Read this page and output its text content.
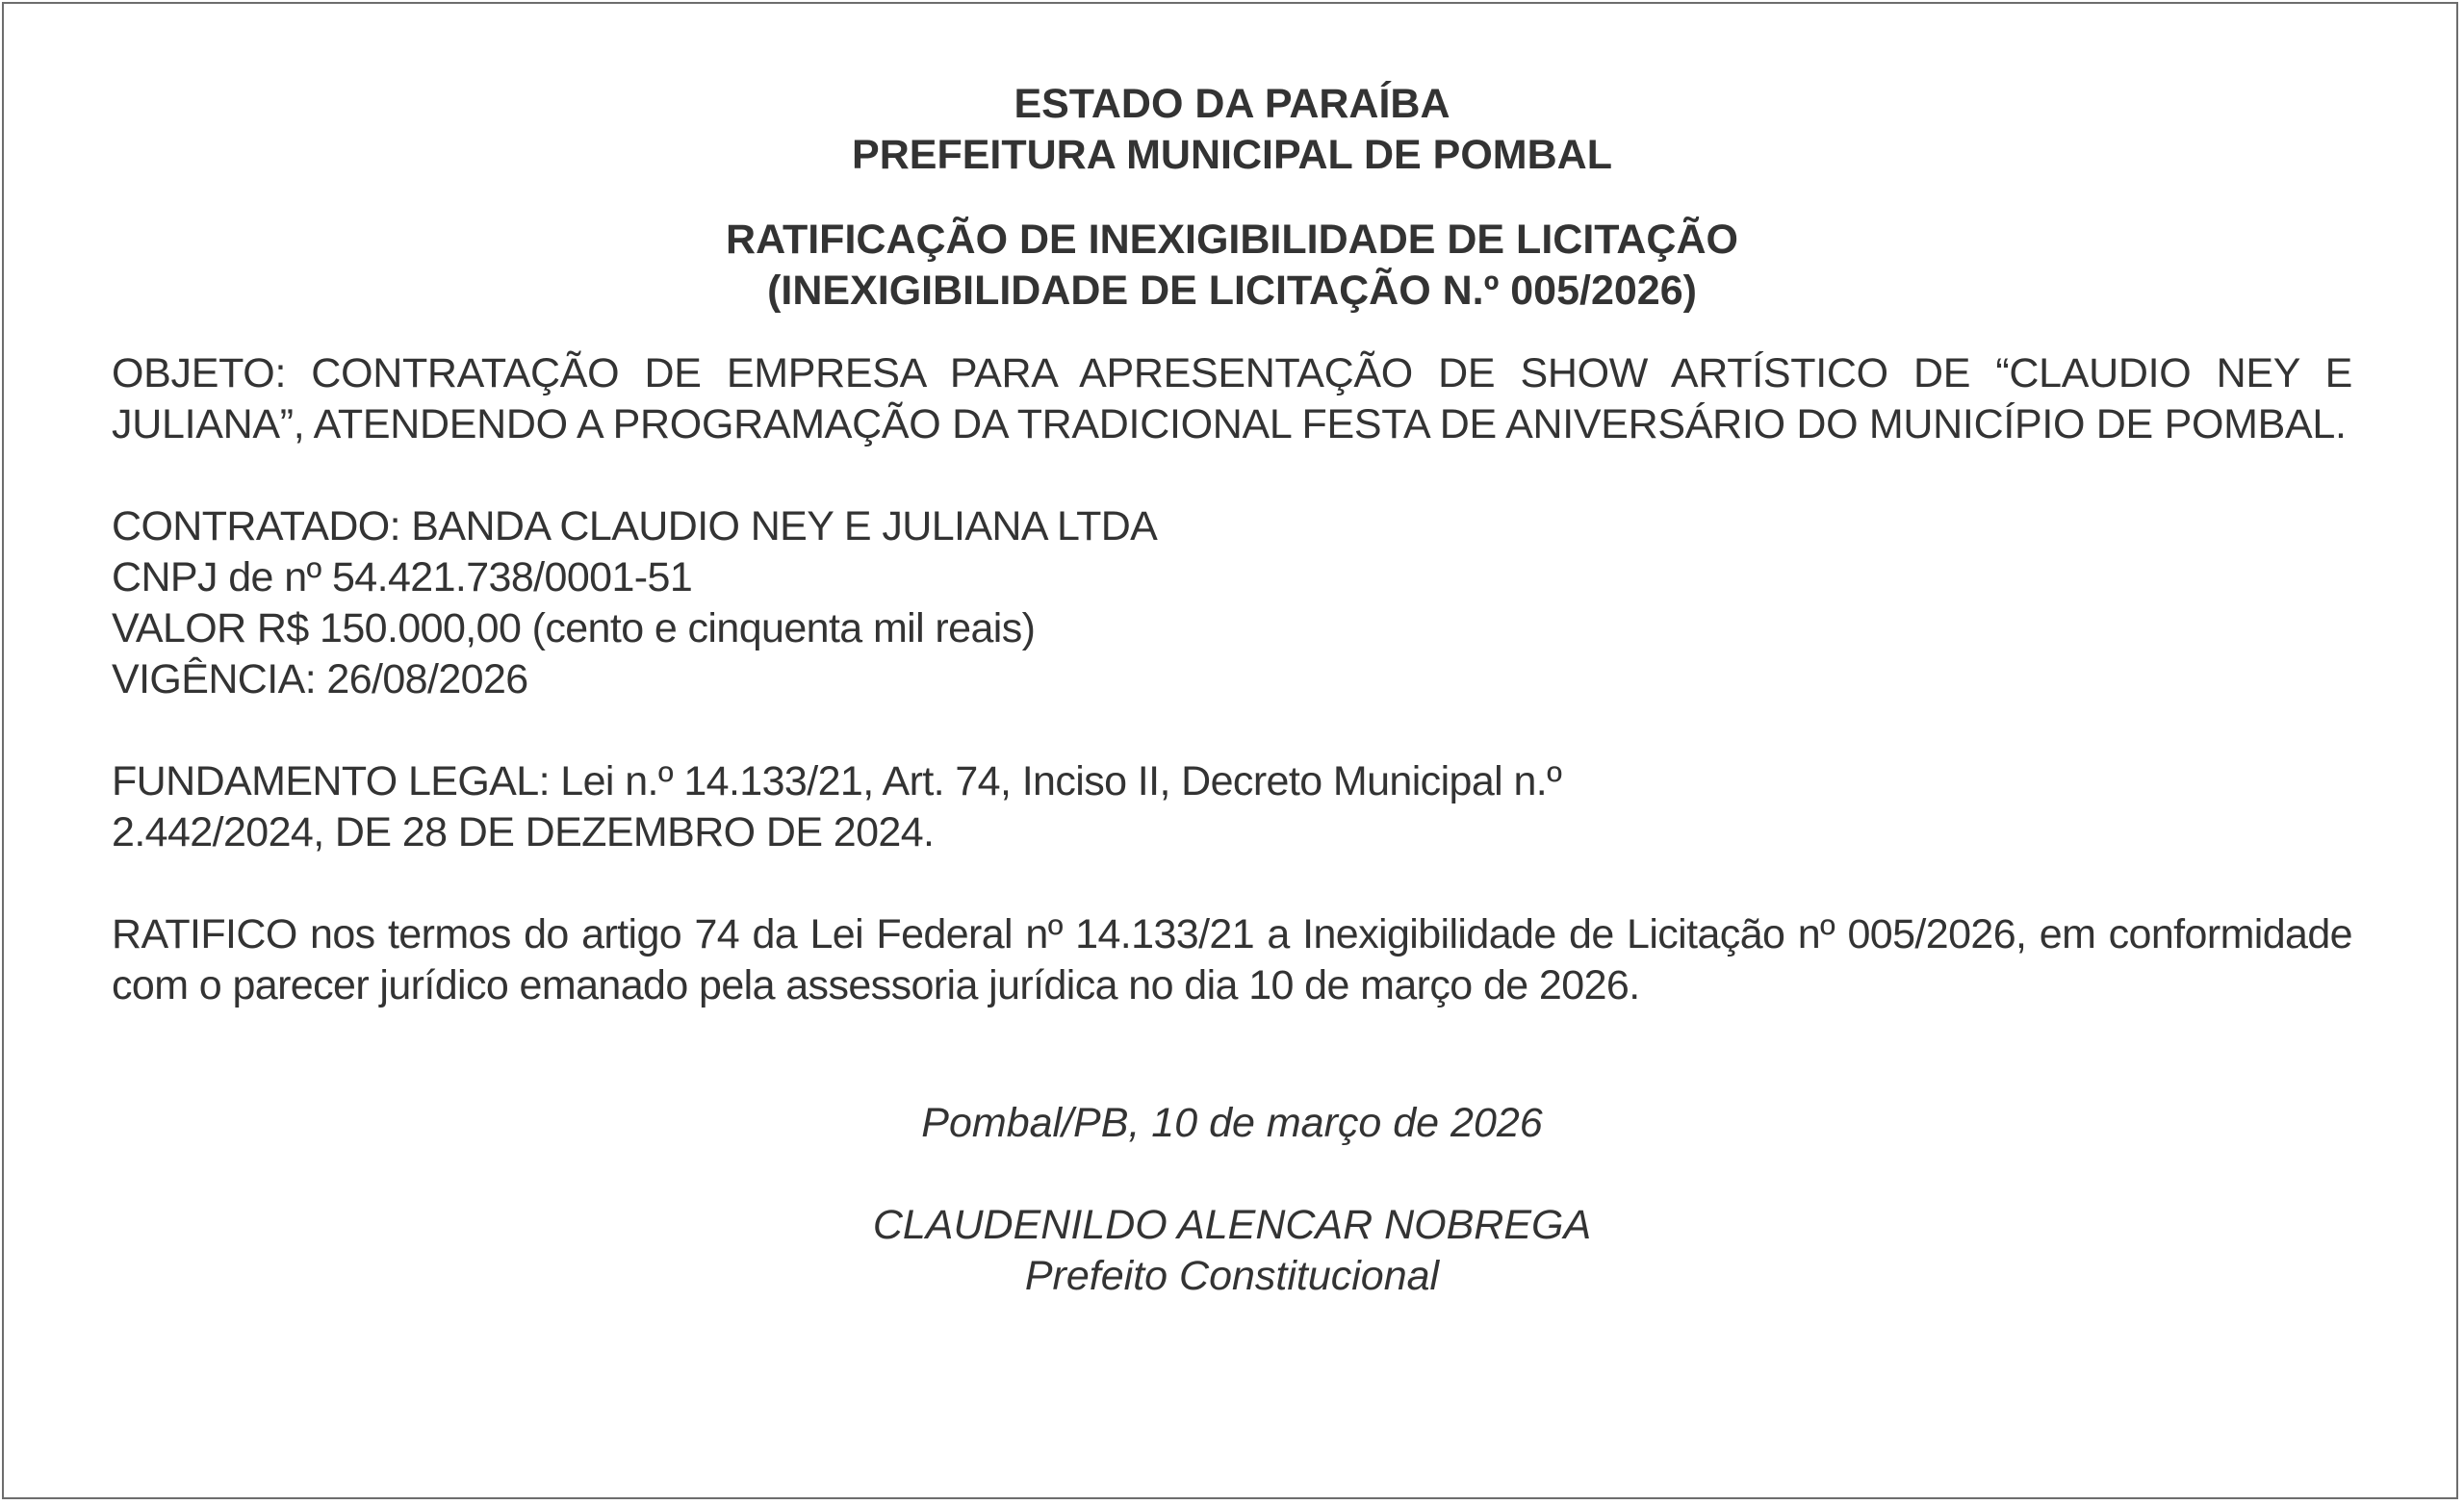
ESTADO DA PARAÍBA

PREFEITURA MUNICIPAL DE POMBAL

RATIFICAÇÃO DE INEXIGIBILIDADE DE LICITAÇÃO

(INEXIGIBILIDADE DE LICITAÇÃO N.º 005/2026)

OBJETO: CONTRATAÇÃO DE EMPRESA PARA APRESENTAÇÃO DE SHOW ARTÍSTICO DE “CLAUDIO NEY E JULIANA”, ATENDENDO A PROGRAMAÇÃO DA TRADICIONAL FESTA DE ANIVERSÁRIO DO MUNICÍPIO DE POMBAL.

CONTRATADO: BANDA CLAUDIO NEY E JULIANA LTDA
CNPJ de nº 54.421.738/0001-51
VALOR R$ 150.000,00 (cento e cinquenta mil reais)
VIGÊNCIA: 26/08/2026
FUNDAMENTO LEGAL: Lei n.º 14.133/21, Art. 74, Inciso II, Decreto Municipal n.º
2.442/2024, DE 28 DE DEZEMBRO DE 2024.

RATIFICO nos termos do artigo 74 da Lei Federal nº 14.133/21 a Inexigibilidade de Licitação nº 005/2026, em conformidade com o parecer jurídico emanado pela assessoria jurídica no dia 10 de março de 2026.

Pombal/PB, 10 de março de 2026

CLAUDENILDO ALENCAR NOBREGA

Prefeito Constitucional
